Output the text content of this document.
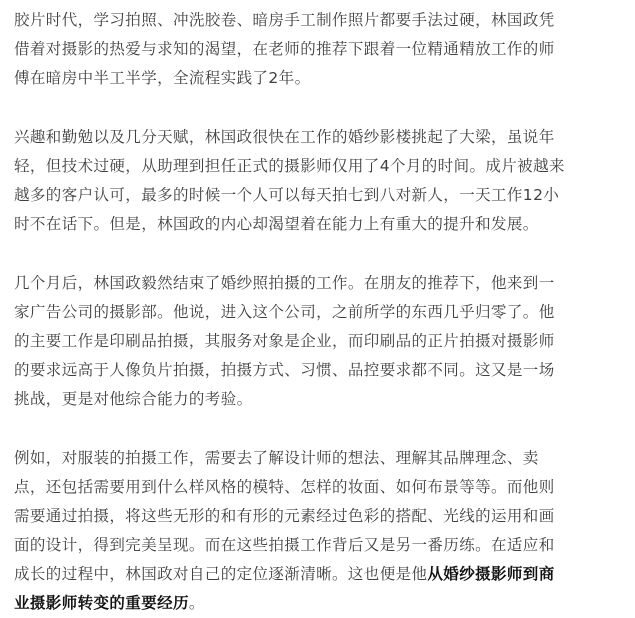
胶片时代，学习拍照、冲洗胶卷、暗房手工制作照片都要手法过硬，林国政凭
借着对摄影的热爱与求知的渴望，在老师的推荐下跟着一位精通精放工作的师
傅在暗房中半工半学，全流程实践了2年。

兴趣和勤勉以及几分天赋，林国政很快在工作的婚纱影楼挑起了大梁，虽说年
轻，但技术过硬，从助理到担任正式的摄影师仅用了4个月的时间。成片被越来
越多的客户认可，最多的时候一个人可以每天拍七到八对新人，一天工作12小
时不在话下。但是，林国政的内心却渴望着在能力上有重大的提升和发展。

几个月后，林国政毅然结束了婚纱照拍摄的工作。在朋友的推荐下，他来到一
家广告公司的摄影部。他说，进入这个公司，之前所学的东西几乎归零了。他
的主要工作是印刷品拍摄，其服务对象是企业，而印刷品的正片拍摄对摄影师
的要求远高于人像负片拍摄，拍摄方式、习惯、品控要求都不同。这又是一场
挑战，更是对他综合能力的考验。

例如，对服装的拍摄工作，需要去了解设计师的想法、理解其品牌理念、卖
点，还包括需要用到什么样风格的模特、怎样的妆面、如何布景等等。而他则
需要通过拍摄，将这些无形的和有形的元素经过色彩的搭配、光线的运用和画
面的设计，得到完美呈现。而在这些拍摄工作背后又是另一番历练。在适应和
成长的过程中，林国政对自己的定位逐渐清晰。这也便是他从婚纱摄影师到商
业摄影师转变的重要经历。
